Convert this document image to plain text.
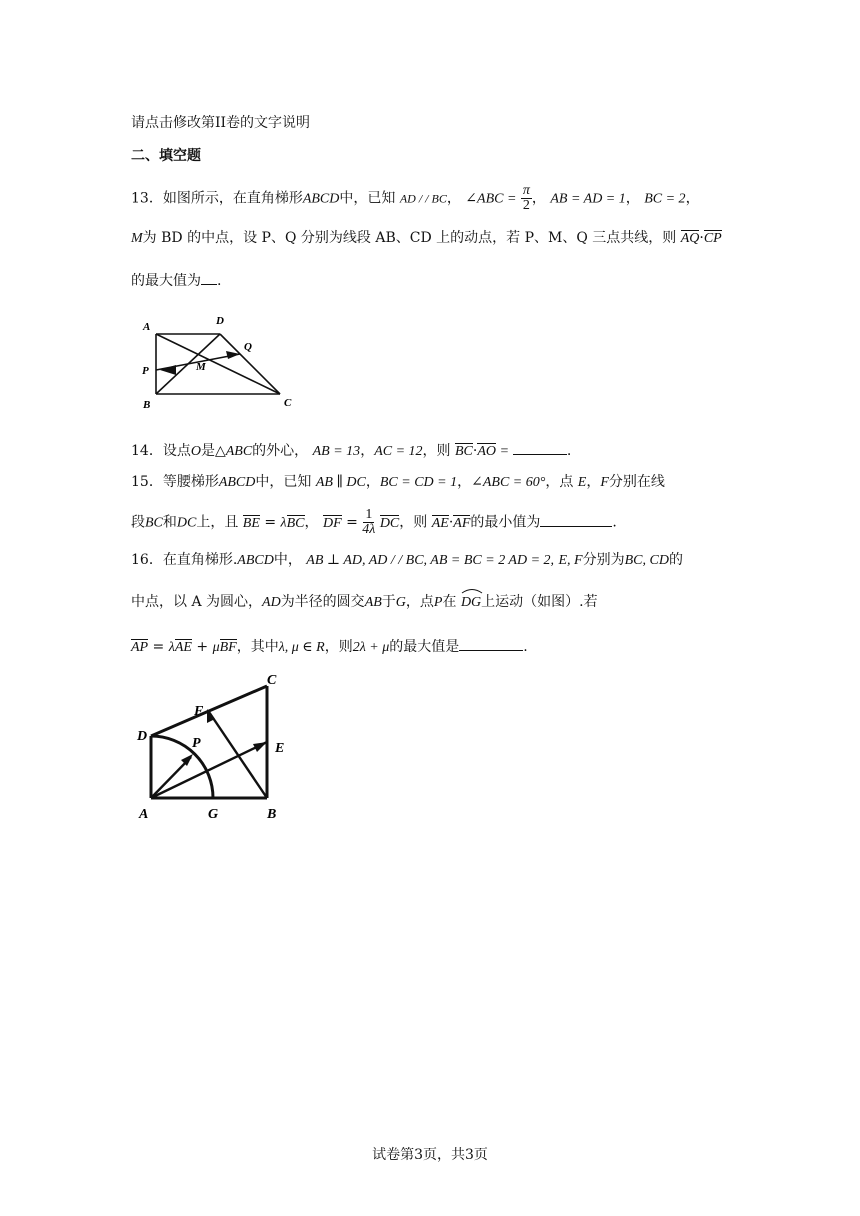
请点击修改第II卷的文字说明
二、填空题
13．如图所示，在直角梯形ABCD中，已知 AD / / BC， ∠ABC = $\frac{\pi}{2}$ ， AB = AD = 1， BC = 2，
M为 BD 的中点，设 P、Q 分别为线段 AB、CD 上的动点，若 P、M、Q 三点共线，则 AQ·CP
的最大值为 .
A	D
Q
P	M
B	C
14．设点O是△ABC的外心， AB = 13，AC = 12，则 BC·AO =	.
15．等腰梯形ABCD中，已知 AB ∥ DC，BC = CD = 1，∠ABC = 60°，点 E，F分别在线
段BC和DC上，且 BE = λBC， DF = $\frac{1}{4\lambda}$ DC，则 AE·AF的最小值为	.
16．在直角梯形.ABCD中， AB ⊥ AD, AD / / BC, AB = BC = 2 AD = 2, E, F分别为BC, CD的
中点，以 A 为圆心，AD为半径的圆交AB于G，点P在 DG上运动（如图）.若
AP = λAE + μBF，其中λ, μ ∈ R，则2λ + μ的最大值是	.
C
F
D	P	E
A	G	B
试卷第3页，共3页
